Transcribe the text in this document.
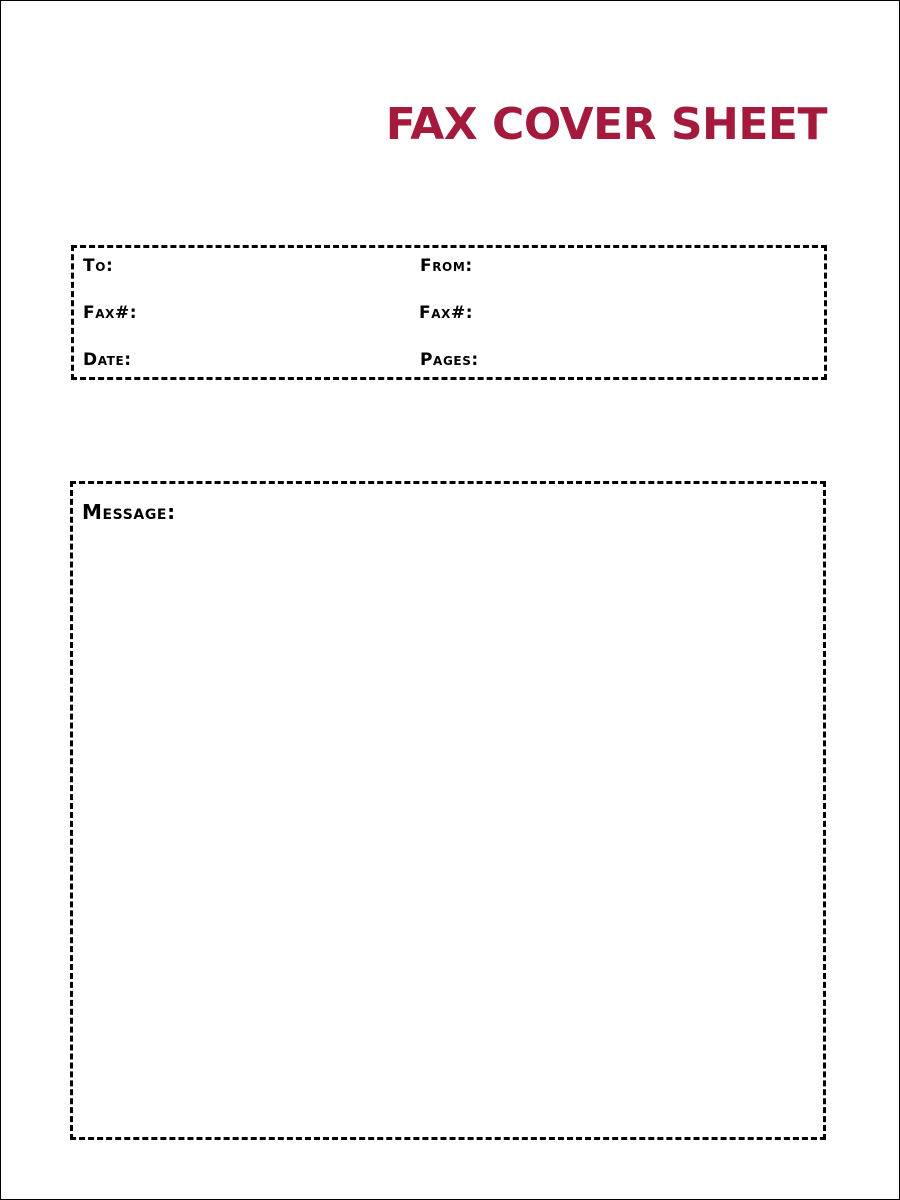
FAX COVER SHEET
To:	From:
Fax#:	Fax#:
Date:	Pages:
Message:
